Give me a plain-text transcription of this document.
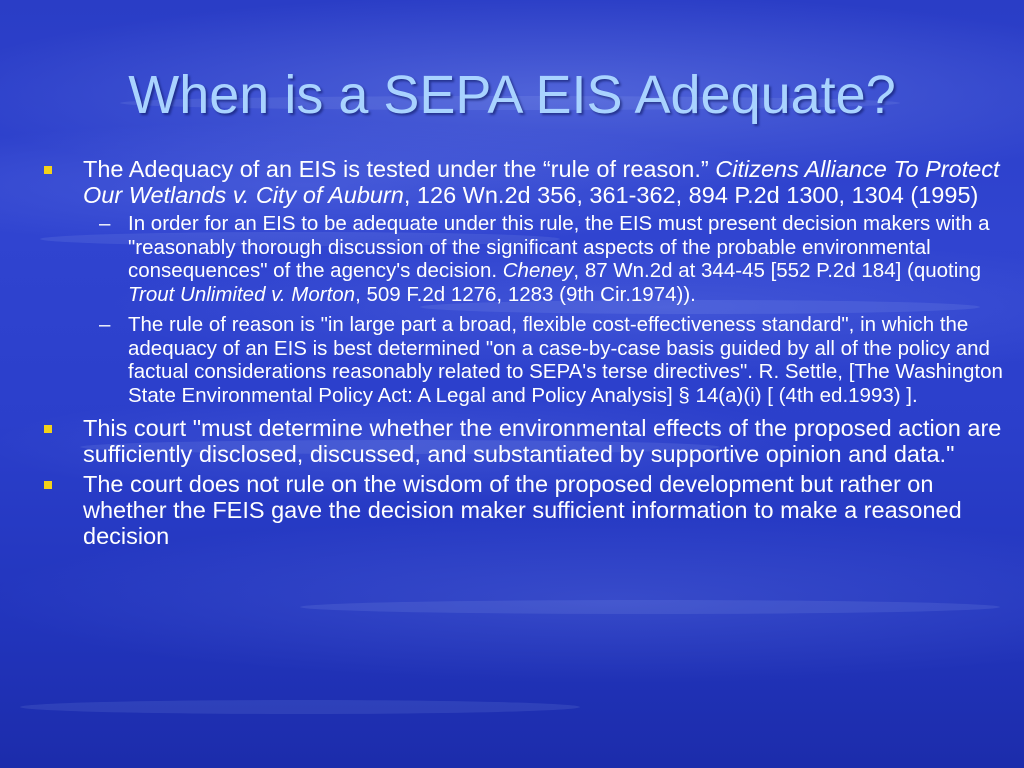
When is a SEPA EIS Adequate?
The Adequacy of an EIS is tested under the “rule of reason.” Citizens Alliance To Protect Our Wetlands v. City of Auburn, 126 Wn.2d 356, 361-362, 894 P.2d 1300, 1304 (1995)
– In order for an EIS to be adequate under this rule, the EIS must present decision makers with a "reasonably thorough discussion of the significant aspects of the probable environmental consequences" of the agency's decision. Cheney, 87 Wn.2d at 344-45 [552 P.2d 184] (quoting Trout Unlimited v. Morton, 509 F.2d 1276, 1283 (9th Cir.1974)).
– The rule of reason is "in large part a broad, flexible cost-effectiveness standard", in which the adequacy of an EIS is best determined "on a case-by-case basis guided by all of the policy and factual considerations reasonably related to SEPA's terse directives". R. Settle, [The Washington State Environmental Policy Act: A Legal and Policy Analysis] § 14(a)(i) [ (4th ed.1993) ].
This court "must determine whether the environmental effects of the proposed action are sufficiently disclosed, discussed, and substantiated by supportive opinion and data."
The court does not rule on the wisdom of the proposed development but rather on whether the FEIS gave the decision maker sufficient information to make a reasoned decision
